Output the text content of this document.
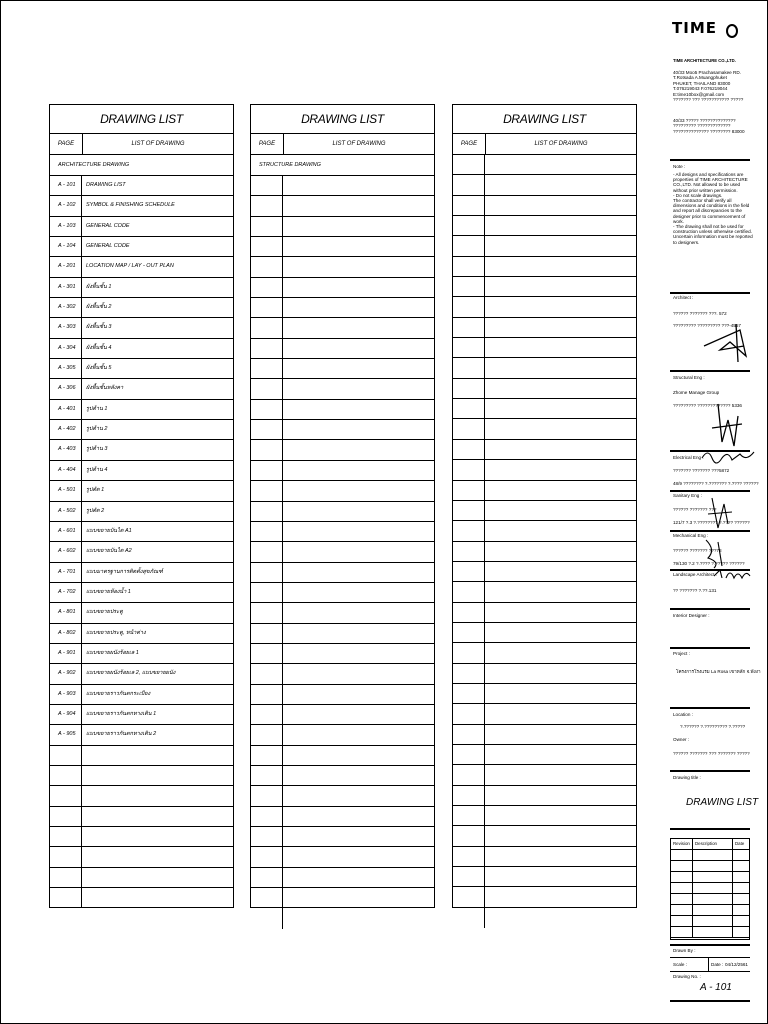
DRAWING LIST
PAGE	LIST OF DRAWING
ARCHITECTURE DRAWING
A - 101	DRAWING LIST
A - 102	SYMBOL & FINISHING SCHEDULE
A - 103	GENERAL CODE
A - 104	GENERAL CODE
A - 201	LOCATION MAP / LAY - OUT PLAN
A - 301	ผังพื้นชั้น 1
A - 302	ผังพื้นชั้น 2
A - 303	ผังพื้นชั้น 3
A - 304	ผังพื้นชั้น 4
A - 305	ผังพื้นชั้น 5
A - 306	ผังพื้นชั้นหลังคา
A - 401	รูปด้าน 1
A - 402	รูปด้าน 2
A - 403	รูปด้าน 3
A - 404	รูปด้าน 4
A - 501	รูปตัด 1
A - 502	รูปตัด 2
A - 601	แบบขยายบันได A1
A - 602	แบบขยายบันได A2
A - 701	แบบมาตรฐานการติดตั้งสุขภัณฑ์
A - 702	แบบขยายห้องน้ำ 1
A - 801	แบบขยายประตู
A - 802	แบบขยายประตู, หน้าต่าง
A - 901	แบบขยายผนังร้อยเล 1
A - 902	แบบขยายผนังร้อยเล 2, แบบขยายผนัง
A - 903	แบบขยายราวกันตกระเบียง
A - 904	แบบขยายราวกันตกทางเดิน 1
A - 905	แบบขยายราวกันตกทางเดิน 2
DRAWING LIST
PAGE	LIST OF DRAWING
STRUCTURE DRAWING
DRAWING LIST
PAGE	LIST OF DRAWING
TIME
TIME ARCHITECTURE CO.,LTD.
40/33 Moo5 Prachasamakee RD.
T.Rotsada A.Muangphuket
PHUKET, THAILAND 83000
T.076219043 F.076219044
E:time10box@gmail.com
??????? ??? ??????????? ?????
40/33 ????? ??????????????
????????? ?????????????
?????????????? ???????? 83000
Note :
- All designs and specifications are properties of TIME ARCHITECTURE CO.,LTD. Not allowed to be used without prior written permission.
- Do not scale drawings.
The contractor shall verify all dimensions and conditions in the field and report all discrepancies to the designer prior to commencement of work.
- The drawing shall not be used for construction unless otherwise certified.
Uncertain information must be reported to designers.
Architect :
?????? ??????? ???. 572
????????? ????????? ???-4557
Structural Eng :
Zhome Manage Group
????????? ????????????? 5336
Electrical Eng :
??????? ??????? ???5872
48/9 ???????? ?.??????? ?.???? ??????
Sanitary Eng :
?????? ??????? ???
121/7 ?.3 ?.???????? ?.???? ??????
Mechanical Eng :
?????? ??????? ???78
79/130 ?.2 ?.???? ?.????? ??????
Landscape Architect :
?? ??????? ?.??.131
Interior Designer :
Project :
โครงการโรงแรม La Rosa เขาหลัก จ.พังงา
Location :
?.?????? ?.????????? ?.?????
Owner :
?????? ??????? ??? ??????? ?????
Drawing title :
DRAWING LIST
Revision	Description	Date
Drawn By :
Scale :	Date : 04/12/2561
Drawing No. :
A - 101
